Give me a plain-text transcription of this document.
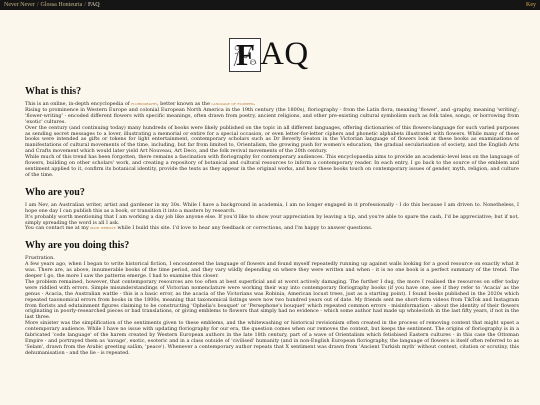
Never Never / Glossa Honteuria / FAQ	Key
F AQ
What is this?

This is an online, in-depth encyclopedia of floriography, better known as the language of flowers.

Rising to prominence in Western Europe and colonial European North America in the 19th century (the 1800s), floriography - from the Latin flora, meaning 'flower', and -graphy, meaning 'writing'; 'flower-writing' - encoded different flowers with specific meanings, often drawn from poetry, ancient religions, and other pre-existing cultural symbolism such as folk tales, songs, or borrowing from 'exotic' cultures.

Over the century (and continuing today) many hundreds of books were likely published on the topic in all different languages, offering dictionaries of this flowers-language for such varied purposes as sending secret messages to a lover, illustrating a memorial or entire for a special occasion, or even letter-for-letter ciphers and phonetic alphabets illustrated with flowers. While many of these books were intended as gifts or tokens for light entertainment, contemporary scholars such as Dr Beverly Seaton in the Victorian language of flowers look at these books as examinations of manifestations of cultural movements of the time, including, but far from limited to, Orientalism, the growing push for women's education, the gradual secularisation of society, and the English Arts and Crafts movement which would later yield Art Nouveau, Art Deco, and the folk revival movements of the 20th century.

While much of this trend has been forgotten, there remains a fascination with floriography for contemporary audiences. This encyclopaedia aims to provide an academic-level lens on the language of flowers, building on other scholars' work, and creating a repository of botanical and cultural resources to inform a contemporary reader. In each entry, I go back to the source of the emblem and sentiment applied to it, confirm its botanical identity, provide the texts as they appear in the original works, and how these books touch on contemporary issues of gender, myth, religion, and culture of the time.

Who are you?

I am Nev, an Australian writer, artist and gardener in my 30s. While I have a background in academia, I am no longer engaged in it professionally - I do this because I am driven to. Nonetheless, I hope one day I can publish this as a book, or transition it into a masters by research.

It's probably worth mentioning that I am working a day job like anyone else. If you'd like to show your appreciation by leaving a tip, and you're able to spare the cash, I'd be appreciative; but if not, simply spreading the word is all I ask.

You can contact me at my main website while I build this site. I'd love to hear any feedback or corrections, and I'm happy to answer questions.

Why are you doing this?

Frustration.

A few years ago, when I began to write historical fiction, I encountered the language of flowers and found myself repeatedly running up against walls looking for a good resource on exactly what it was. There are, as above, innumerable books of the time period, and they vary wildly depending on where they were written and when - it is no one book is a perfect summary of the trend. The deeper I go, the more I saw the patterns emerge. I had to examine this closer.

The problem remained, however, that contemporary resources are too often at best superficial and at worst actively damaging. The further I dug, the more I realised the resources on offer today were riddled with errors. Simple misunderstandings of Victorian nomenclature were working their way into contemporary floriography books (if you have one, see if they refer to 'Acacia' as the genus - Acacia, the Australian wattle - this is a basic error, as the acacia of the Victorians was Robinia, American locust trees, just as a starting point). I found books published in the 2020s which repeated taxonomical errors from books in the 1800s, meaning that taxonomical listings were now two hundred years out of date. My friends sent me short-form videos from TikTok and Instagram from florists and edutainment figures claiming to be constructing 'Ophelia's bouquet' or 'Persephone's bouquet' which repeated common errors - misinformation - about the identity of their flowers originating in poorly-researched pieces or bad translations, or giving emblems to flowers that simply had no evidence - which some author had made up wholecloth in the last fifty years, if not in the last three.

More sinister was the simplification of the sentiments given to these emblems, and the whitewashing or historical revisionism often created in the process of removing content that might upset a contemporary audience. While I have no issue with updating floriography for our era, the question comes when our removes the context, but keeps the sentiment. The origins of floriography is in a fabricated 'code language' of the harem created by Western European authors in the late 18th century, part of a wave of Orientalism which fetishised Eastern cultures - in this case the Ottoman Empire - and portrayed them as 'savage', exotic, esoteric and in a class outside of 'civilised' humanity (and in non-English European floriography, the language of flowers is itself often referred to as 'Selam', drawn from the Arabic greeting salām, 'peace'). Whenever a contemporary author repeats that X sentiment was drawn from 'Ancient Turkish myth' without context, citation or scrutiny, this dehumanisation - and the lie - is repeated.
